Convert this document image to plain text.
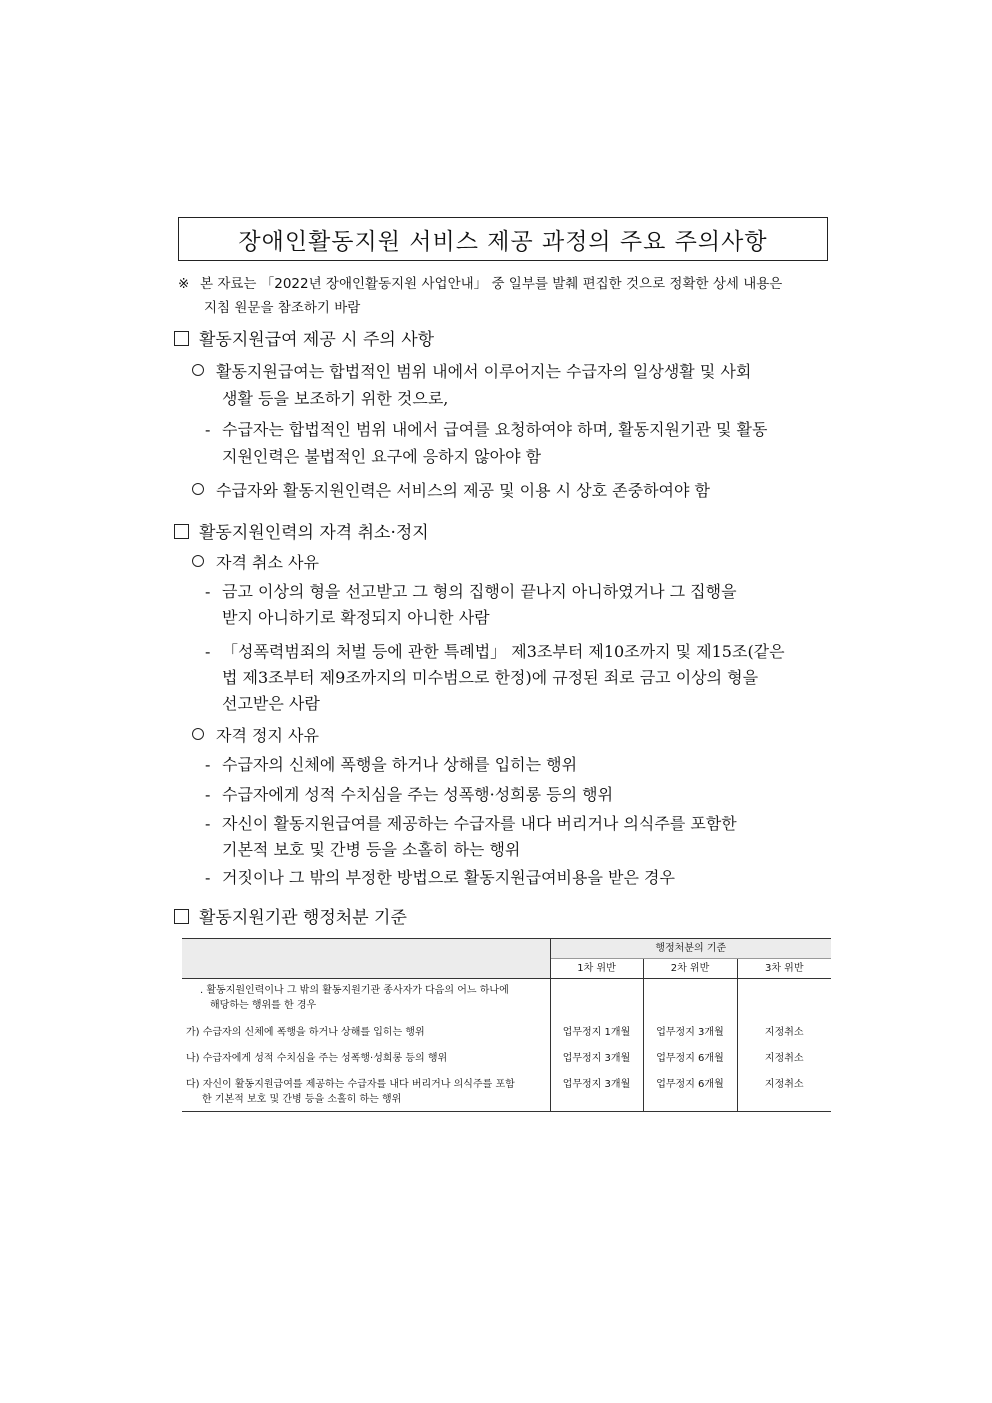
장애인활동지원 서비스 제공 과정의 주요 주의사항
※ 본 자료는 「2022년 장애인활동지원 사업안내」 중 일부를 발췌 편집한 것으로 정확한 상세 내용은
지침 원문을 참조하기 바람
활동지원급여 제공 시 주의 사항
활동지원급여는 합법적인 범위 내에서 이루어지는 수급자의 일상생활 및 사회
생활 등을 보조하기 위한 것으로,
- 수급자는 합법적인 범위 내에서 급여를 요청하여야 하며, 활동지원기관 및 활동
지원인력은 불법적인 요구에 응하지 않아야 함
수급자와 활동지원인력은 서비스의 제공 및 이용 시 상호 존중하여야 함
활동지원인력의 자격 취소·정지
자격 취소 사유
- 금고 이상의 형을 선고받고 그 형의 집행이 끝나지 아니하였거나 그 집행을
받지 아니하기로 확정되지 아니한 사람
- 「성폭력범죄의 처벌 등에 관한 특례법」 제3조부터 제10조까지 및 제15조(같은
법 제3조부터 제9조까지의 미수범으로 한정)에 규정된 죄로 금고 이상의 형을
선고받은 사람
자격 정지 사유
- 수급자의 신체에 폭행을 하거나 상해를 입히는 행위
- 수급자에게 성적 수치심을 주는 성폭행·성희롱 등의 행위
- 자신이 활동지원급여를 제공하는 수급자를 내다 버리거나 의식주를 포함한
기본적 보호 및 간병 등을 소홀히 하는 행위
- 거짓이나 그 밖의 부정한 방법으로 활동지원급여비용을 받은 경우
활동지원기관 행정처분 기준
	행정처분의 기준		
	1차 위반	2차 위반	3차 위반

. 활동지원인력이나 그 밖의 활동지원기관 종사자가 다음의 어느 하나에
해당하는 행위를 한 경우			

가) 수급자의 신체에 폭행을 하거나 상해를 입히는 행위	업무정지 1개월	업무정지 3개월	지정취소
나) 수급자에게 성적 수치심을 주는 성폭행·성희롱 등의 행위	업무정지 3개월	업무정지 6개월	지정취소

다) 자신이 활동지원급여를 제공하는 수급자를 내다 버리거나 의식주를 포함
한 기본적 보호 및 간병 등을 소홀히 하는 행위	업무정지 3개월	업무정지 6개월	지정취소
